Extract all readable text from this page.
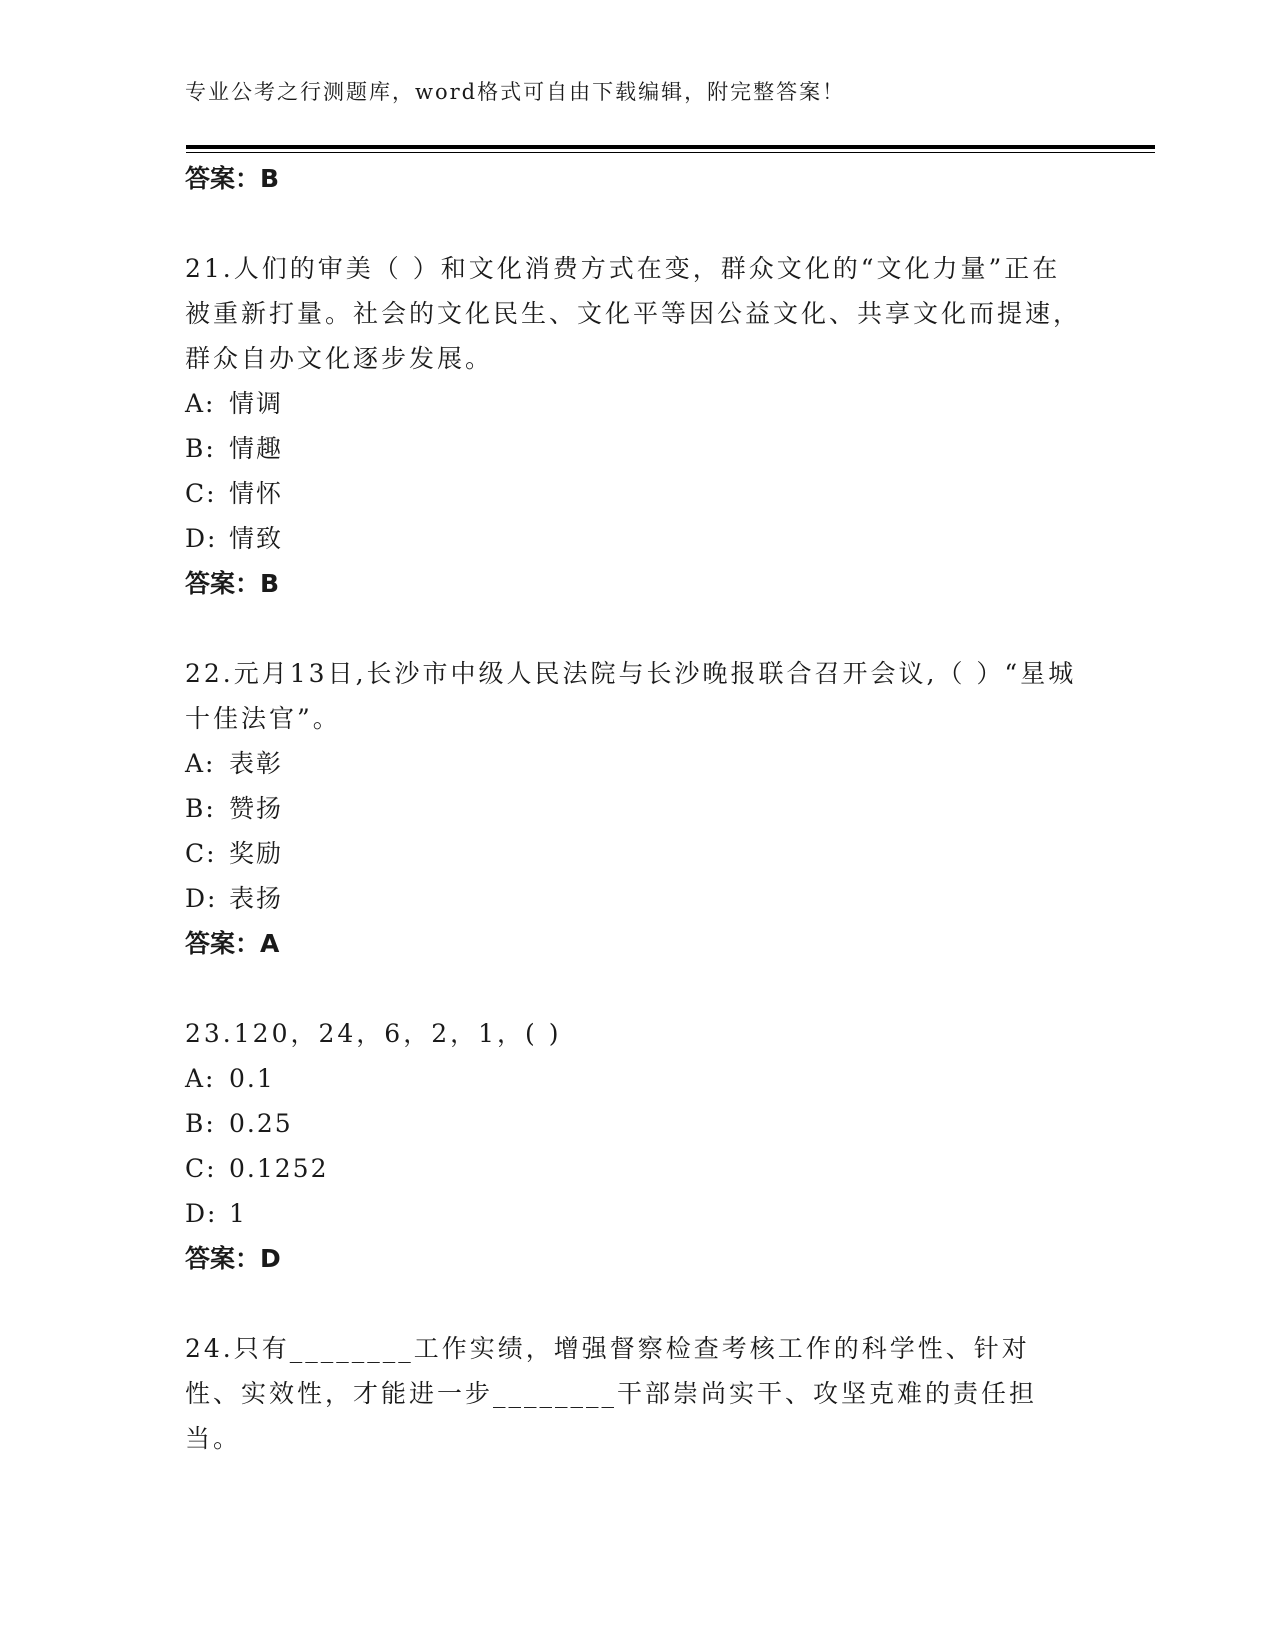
专业公考之行测题库，word格式可自由下载编辑，附完整答案！
答案：B
21.人们的审美（ ）和文化消费方式在变，群众文化的“文化力量”正在被重新打量。社会的文化民生、文化平等因公益文化、共享文化而提速，群众自办文化逐步发展。
A: 情调
B: 情趣
C: 情怀
D: 情致
答案：B
22.元月13日,长沙市中级人民法院与长沙晚报联合召开会议,（ ）“星城十佳法官”。
A: 表彰
B: 赞扬
C: 奖励
D: 表扬
答案：A
23.120，24，6，2，1，( )
A: 0.1
B: 0.25
C: 0.1252
D: 1
答案：D
24.只有________工作实绩，增强督察检查考核工作的科学性、针对性、实效性，才能进一步________干部崇尚实干、攻坚克难的责任担当。
